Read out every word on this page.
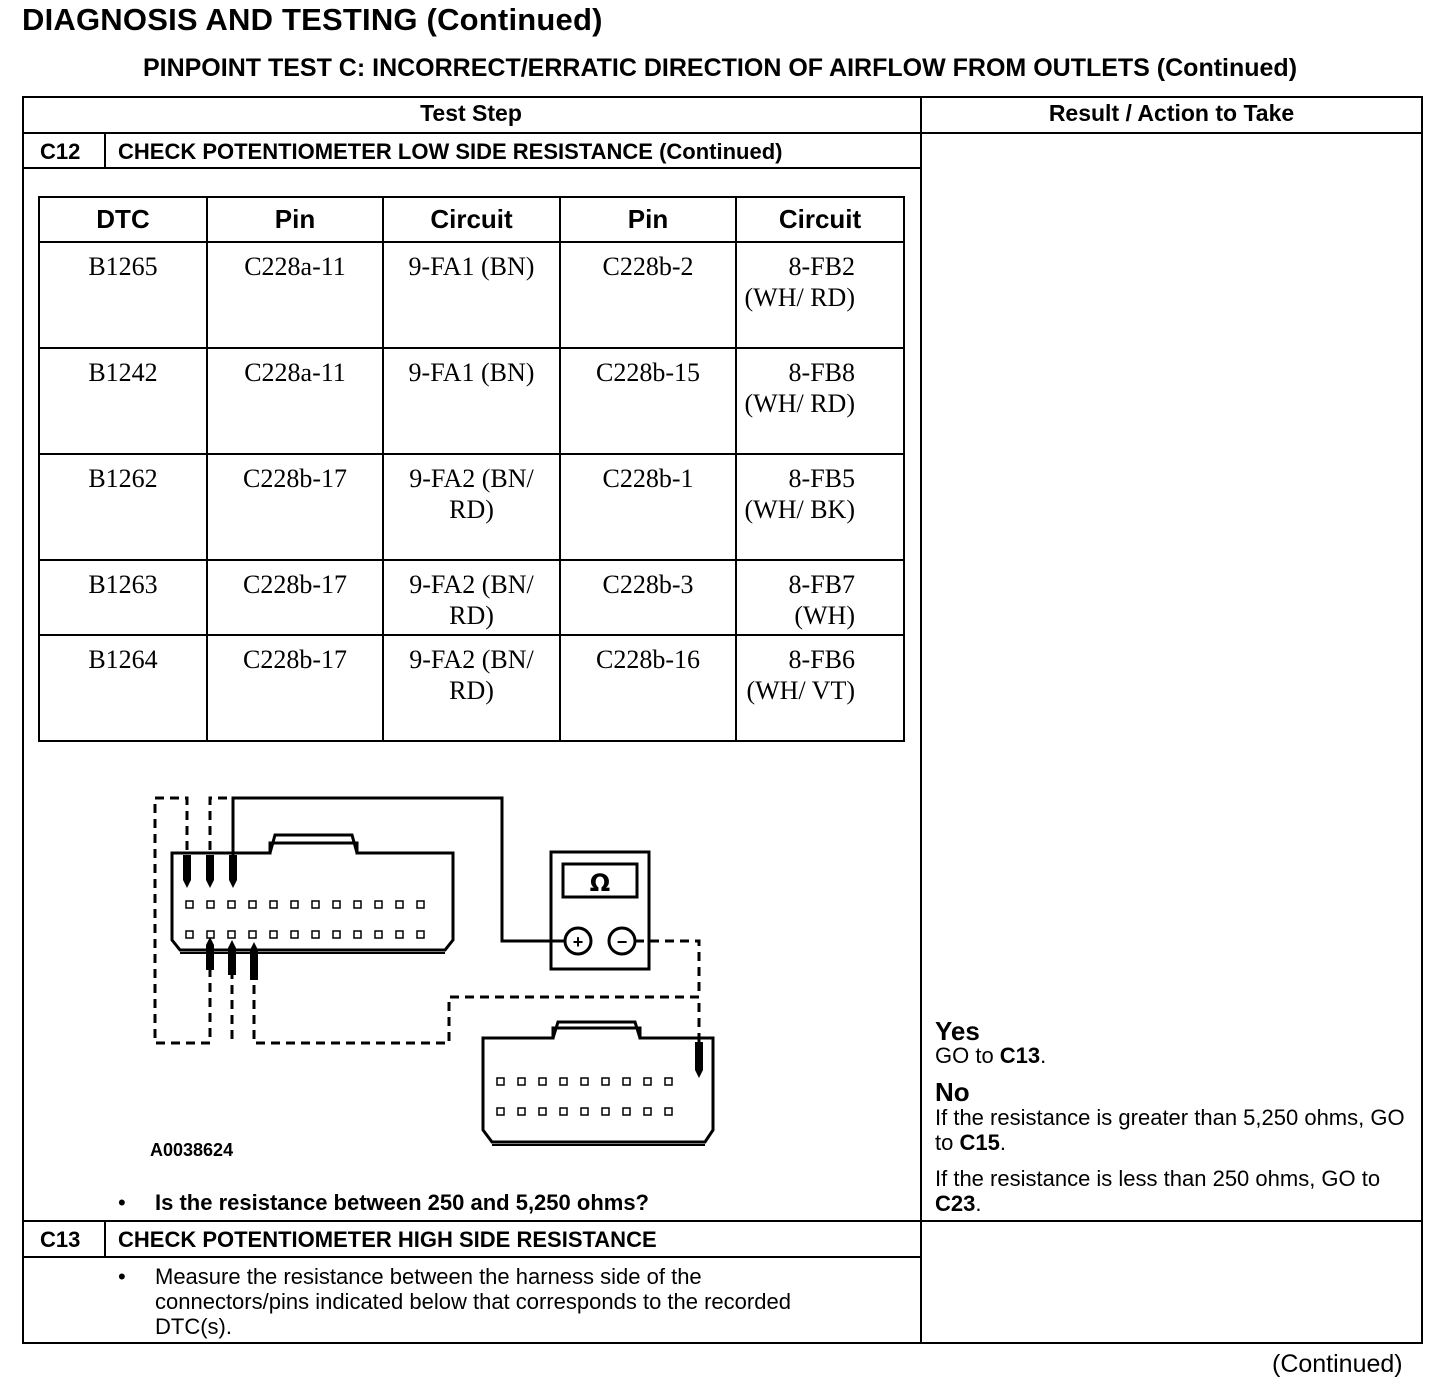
DIAGNOSIS AND TESTING (Continued)
PINPOINT TEST C: INCORRECT/ERRATIC DIRECTION OF AIRFLOW FROM OUTLETS (Continued)
Test Step	Result / Action to Take
C12 CHECK POTENTIOMETER LOW SIDE RESISTANCE (Continued)
DTC	Pin	Circuit	Pin	Circuit
B1265	C228a-11	9-FA1 (BN)	C228b-2	8-FB2 (WH/ RD)
B1242	C228a-11	9-FA1 (BN)	C228b-15	8-FB8 (WH/ RD)
B1262	C228b-17	9-FA2 (BN/ RD)	C228b-1	8-FB5 (WH/ BK)
B1263	C228b-17	9-FA2 (BN/ RD)	C228b-3	8-FB7 (WH)
B1264	C228b-17	9-FA2 (BN/ RD)	C228b-16	8-FB6 (WH/ VT)
Ω
+ −
A0038624
• Is the resistance between 250 and 5,250 ohms?
Yes
GO to C13.
No
If the resistance is greater than 5,250 ohms, GO to C15.
If the resistance is less than 250 ohms, GO to C23.
C13 CHECK POTENTIOMETER HIGH SIDE RESISTANCE
• Measure the resistance between the harness side of the connectors/pins indicated below that corresponds to the recorded DTC(s).
(Continued)
